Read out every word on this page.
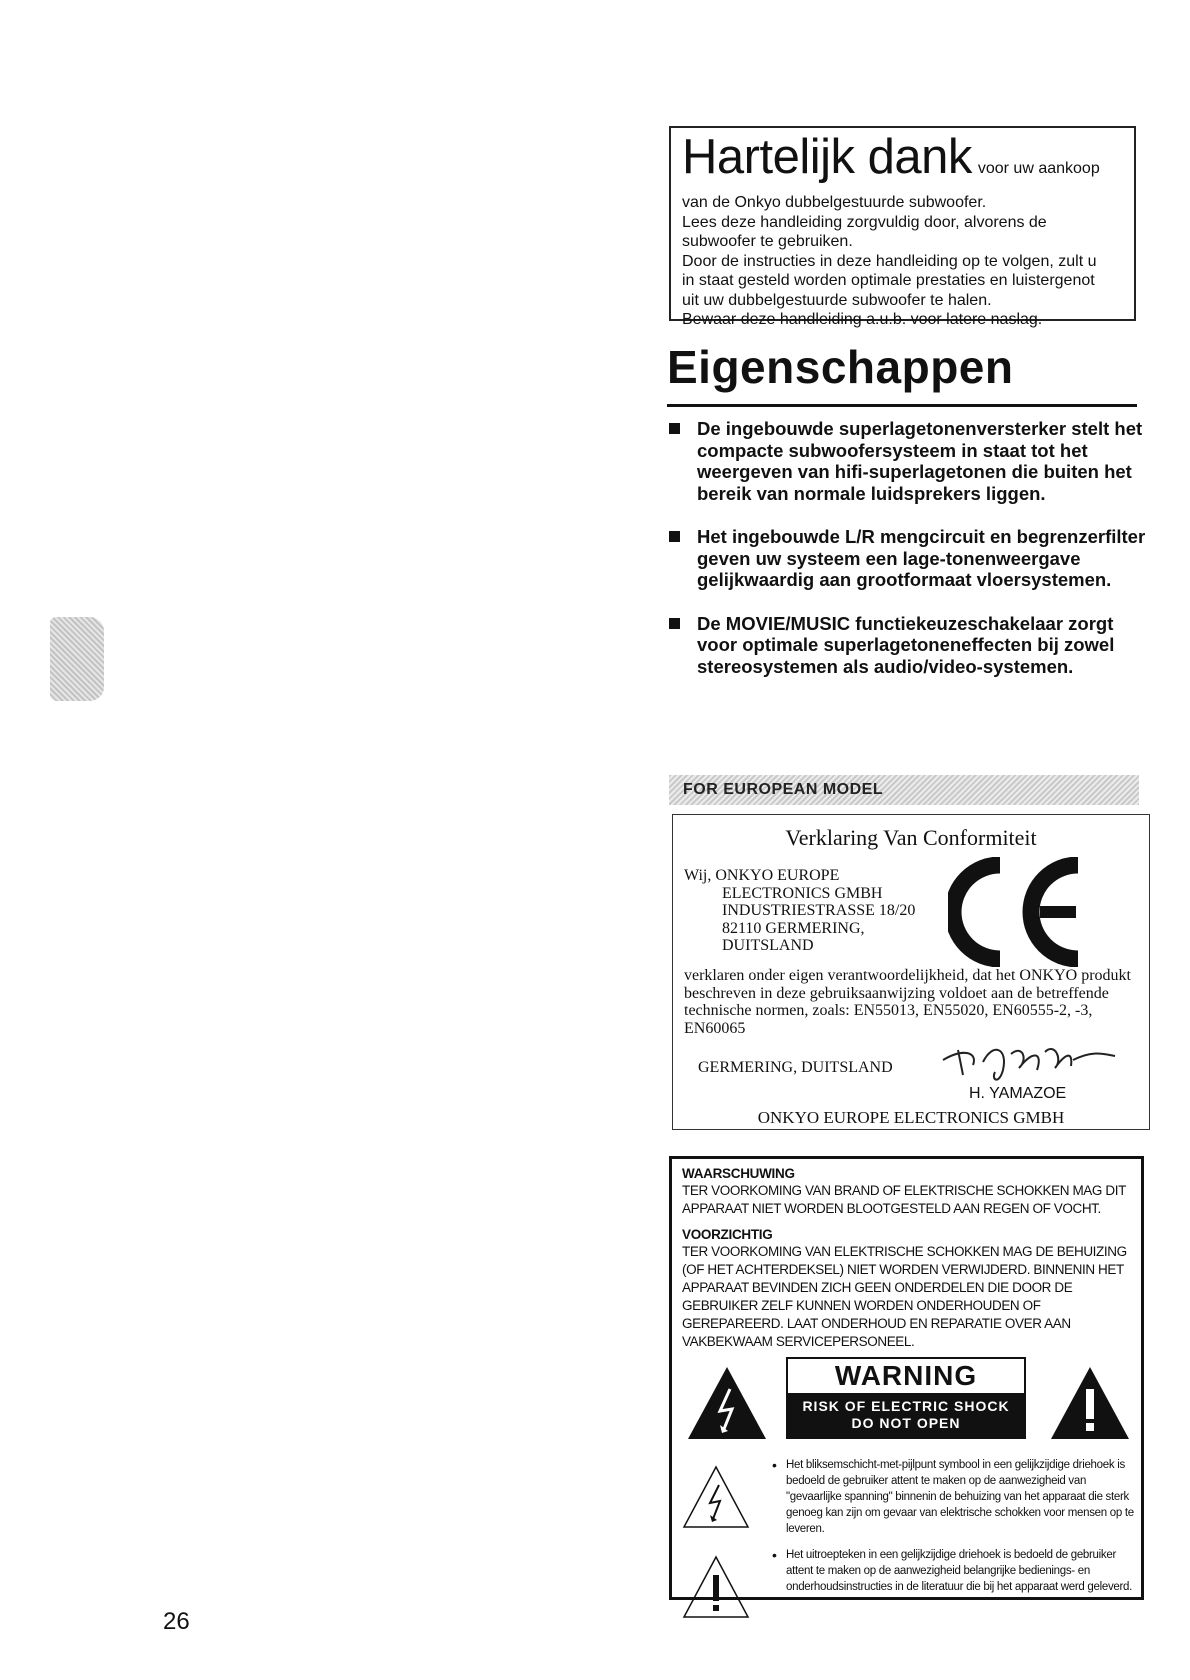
Hartelijk dank voor uw aankoop
van de Onkyo dubbelgestuurde subwoofer.
Lees deze handleiding zorgvuldig door, alvorens de
subwoofer te gebruiken.
Door de instructies in deze handleiding op te volgen, zult u
in staat gesteld worden optimale prestaties en luistergenot
uit uw dubbelgestuurde subwoofer te halen.
Bewaar deze handleiding a.u.b. voor latere naslag.
Eigenschappen
De ingebouwde superlagetonenversterker stelt het compacte subwoofersysteem in staat tot het weergeven van hifi-superlagetonen die buiten het bereik van normale luidsprekers liggen.
Het ingebouwde L/R mengcircuit en begrenzerfilter geven uw systeem een lage-tonenweergave gelijkwaardig aan grootformaat vloersystemen.
De MOVIE/MUSIC functiekeuzeschakelaar zorgt voor optimale superlagetoneneffecten bij zowel stereosystemen als audio/video-systemen.
FOR EUROPEAN MODEL
Verklaring Van Conformiteit
Wij, ONKYO EUROPE
ELECTRONICS GMBH
INDUSTRIESTRASSE 18/20
82110 GERMERING,
DUITSLAND
verklaren onder eigen verantwoordelijkheid, dat het ONKYO produkt beschreven in deze gebruiksaanwijzing voldoet aan de betreffende technische normen, zoals: EN55013, EN55020, EN60555-2, -3, EN60065
GERMERING, DUITSLAND
H. YAMAZOE
ONKYO EUROPE ELECTRONICS GMBH
WAARSCHUWING
TER VOORKOMING VAN BRAND OF ELEKTRISCHE SCHOKKEN MAG DIT APPARAAT NIET WORDEN BLOOTGESTELD AAN REGEN OF VOCHT.
VOORZICHTIG
TER VOORKOMING VAN ELEKTRISCHE SCHOKKEN MAG DE BEHUIZING (OF HET ACHTERDEKSEL) NIET WORDEN VERWIJDERD. BINNENIN HET APPARAAT BEVINDEN ZICH GEEN ONDERDELEN DIE DOOR DE GEBRUIKER ZELF KUNNEN WORDEN ONDERHOUDEN OF GEREPAREERD. LAAT ONDERHOUD EN REPARATIE OVER AAN VAKBEKWAAM SERVICEPERSONEEL.
WARNING
RISK OF ELECTRIC SHOCK
DO NOT OPEN

• Het bliksemschicht-met-pijlpunt symbool in een gelijkzijdige driehoek is bedoeld de gebruiker attent te maken op de aanwezigheid van "gevaarlijke spanning" binnenin de behuizing van het apparaat die sterk genoeg kan zijn om gevaar van elektrische schokken voor mensen op te leveren.

• Het uitroepteken in een gelijkzijdige driehoek is bedoeld de gebruiker attent te maken op de aanwezigheid belangrijke bedienings- en onderhoudsinstructies in de literatuur die bij het apparaat werd geleverd.

26
